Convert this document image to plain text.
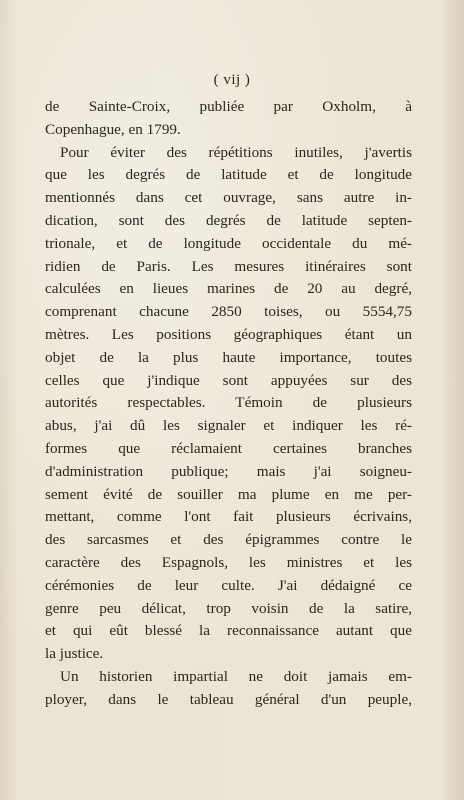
( vij )
de Sainte-Croix, publiée par Oxholm, à
Copenhague, en 1799.
Pour éviter des répétitions inutiles, j'avertis
que les degrés de latitude et de longitude
mentionnés dans cet ouvrage, sans autre in-
dication, sont des degrés de latitude septen-
trionale, et de longitude occidentale du mé-
ridien de Paris. Les mesures itinéraires sont
calculées en lieues marines de 20 au degré,
comprenant chacune 2850 toises, ou 5554,75
mètres. Les positions géographiques étant un
objet de la plus haute importance, toutes
celles que j'indique sont appuyées sur des
autorités respectables. Témoin de plusieurs
abus, j'ai dû les signaler et indiquer les ré-
formes que réclamaient certaines branches
d'administration publique; mais j'ai soigneu-
sement évité de souiller ma plume en me per-
mettant, comme l'ont fait plusieurs écrivains,
des sarcasmes et des épigrammes contre le
caractère des Espagnols, les ministres et les
cérémonies de leur culte. J'ai dédaigné ce
genre peu délicat, trop voisin de la satire,
et qui eût blessé la reconnaissance autant que
la justice.
Un historien impartial ne doit jamais em-
ployer, dans le tableau général d'un peuple,
